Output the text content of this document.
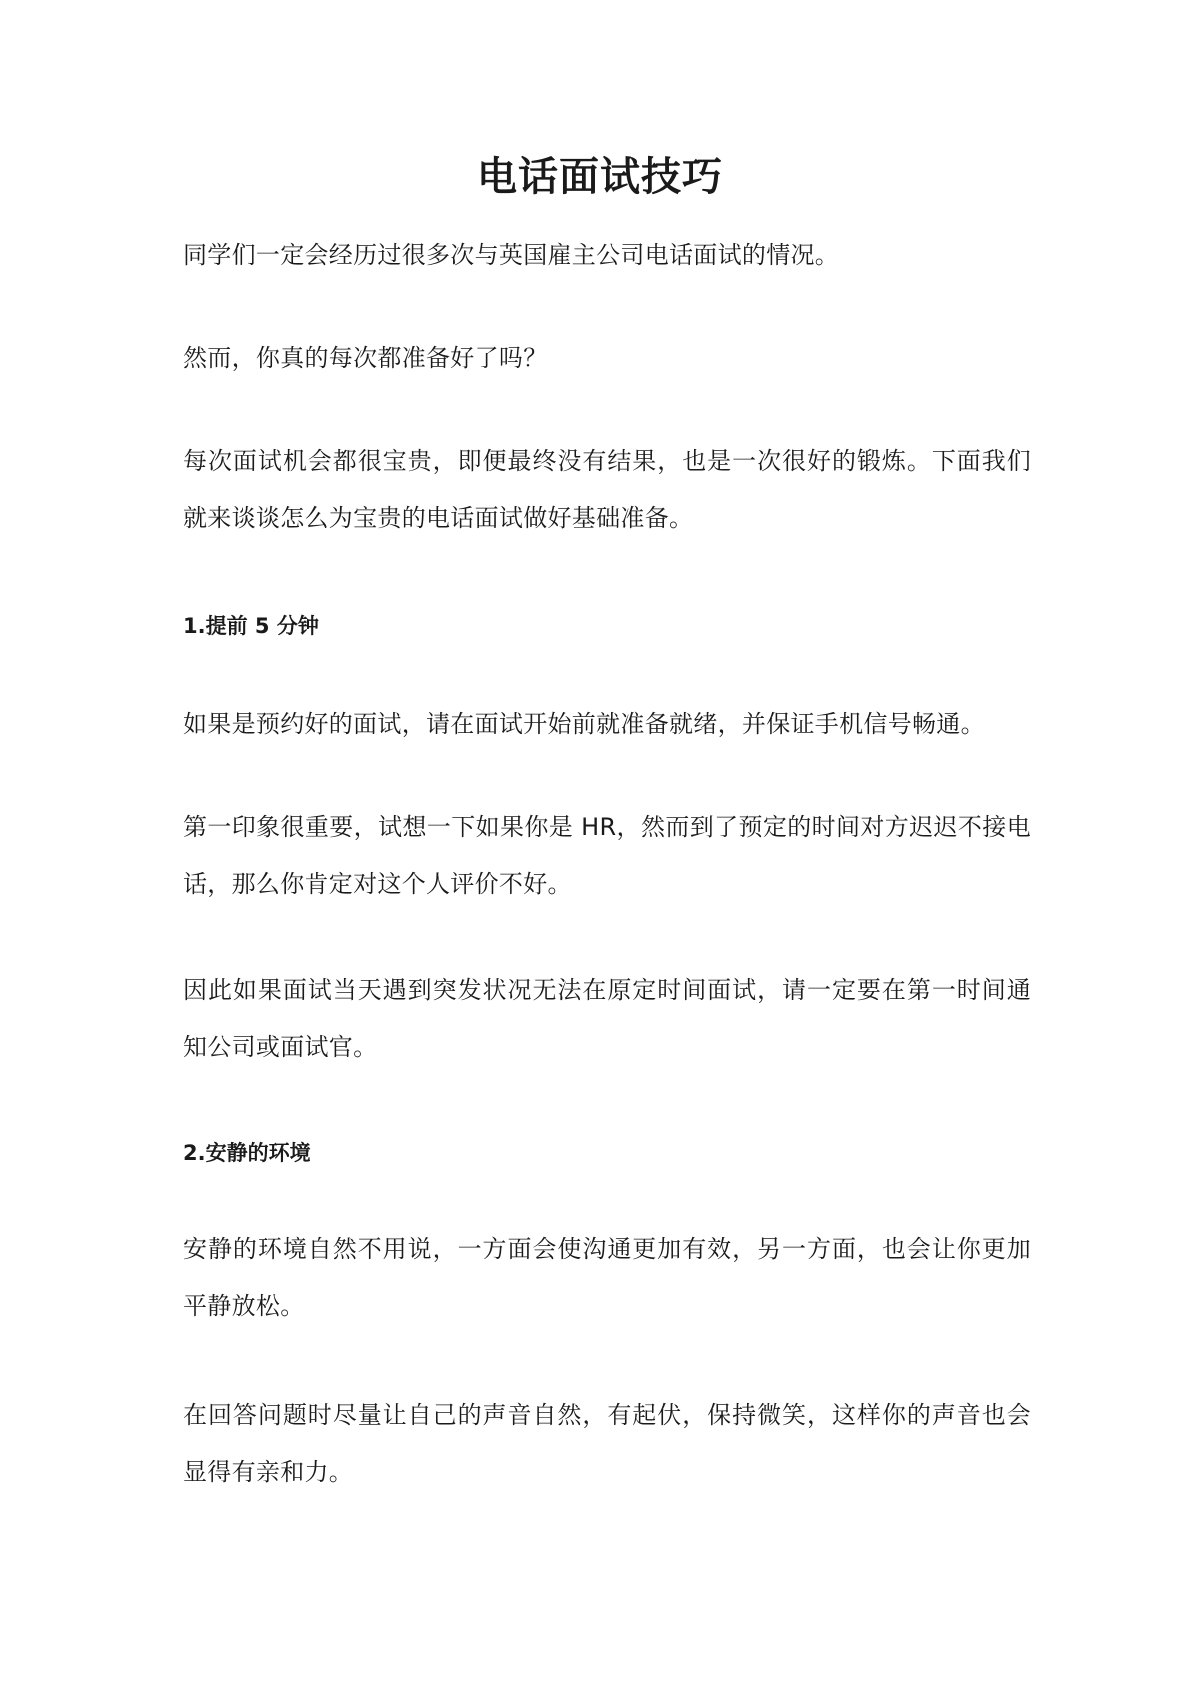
电话面试技巧

同学们一定会经历过很多次与英国雇主公司电话面试的情况。

然而，你真的每次都准备好了吗？

每次面试机会都很宝贵，即便最终没有结果，也是一次很好的锻炼。下面我们就来谈谈怎么为宝贵的电话面试做好基础准备。

1.提前 5 分钟

如果是预约好的面试，请在面试开始前就准备就绪，并保证手机信号畅通。

第一印象很重要，试想一下如果你是 HR，然而到了预定的时间对方迟迟不接电话，那么你肯定对这个人评价不好。

因此如果面试当天遇到突发状况无法在原定时间面试，请一定要在第一时间通知公司或面试官。

2.安静的环境

安静的环境自然不用说，一方面会使沟通更加有效，另一方面，也会让你更加平静放松。

在回答问题时尽量让自己的声音自然，有起伏，保持微笑，这样你的声音也会显得有亲和力。
